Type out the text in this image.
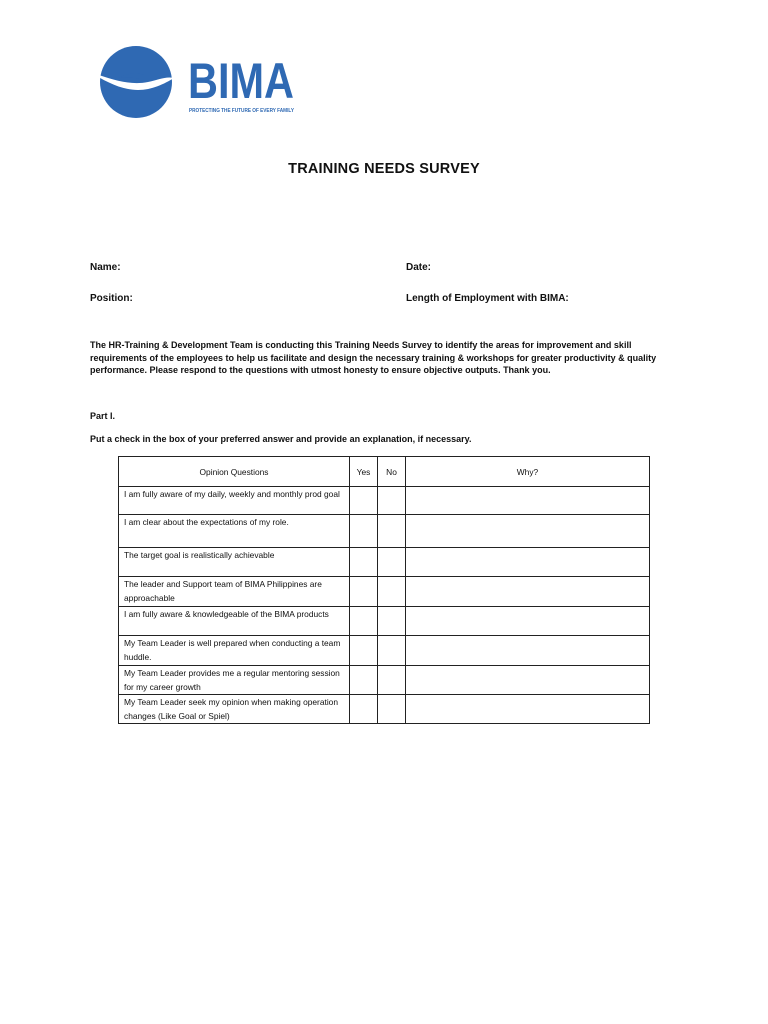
BIMA
PROTECTING THE FUTURE OF EVERY FAMILY
TRAINING NEEDS SURVEY
Name:	Date:
Position:	Length of Employment with BIMA:
The HR-Training & Development Team is conducting this Training Needs Survey to identify the areas for improvement and skill requirements of the employees to help us facilitate and design the necessary training & workshops for greater productivity & quality performance. Please respond to the questions with utmost honesty to ensure objective outputs. Thank you.
Part I.
Put a check in the box of your preferred answer and provide an explanation, if necessary.
Opinion Questions	Yes	No	Why?
I am fully aware of my daily, weekly and monthly prod goal			
I am clear about the expectations of my role.			
The target goal is realistically achievable			
The leader and Support team of BIMA Philippines are approachable			
I am fully aware & knowledgeable of the BIMA products			
My Team Leader is well prepared when conducting a team huddle.			
My Team Leader provides me a regular mentoring session for my career growth			
My Team Leader seek my opinion when making operation changes (Like Goal or Spiel)			
